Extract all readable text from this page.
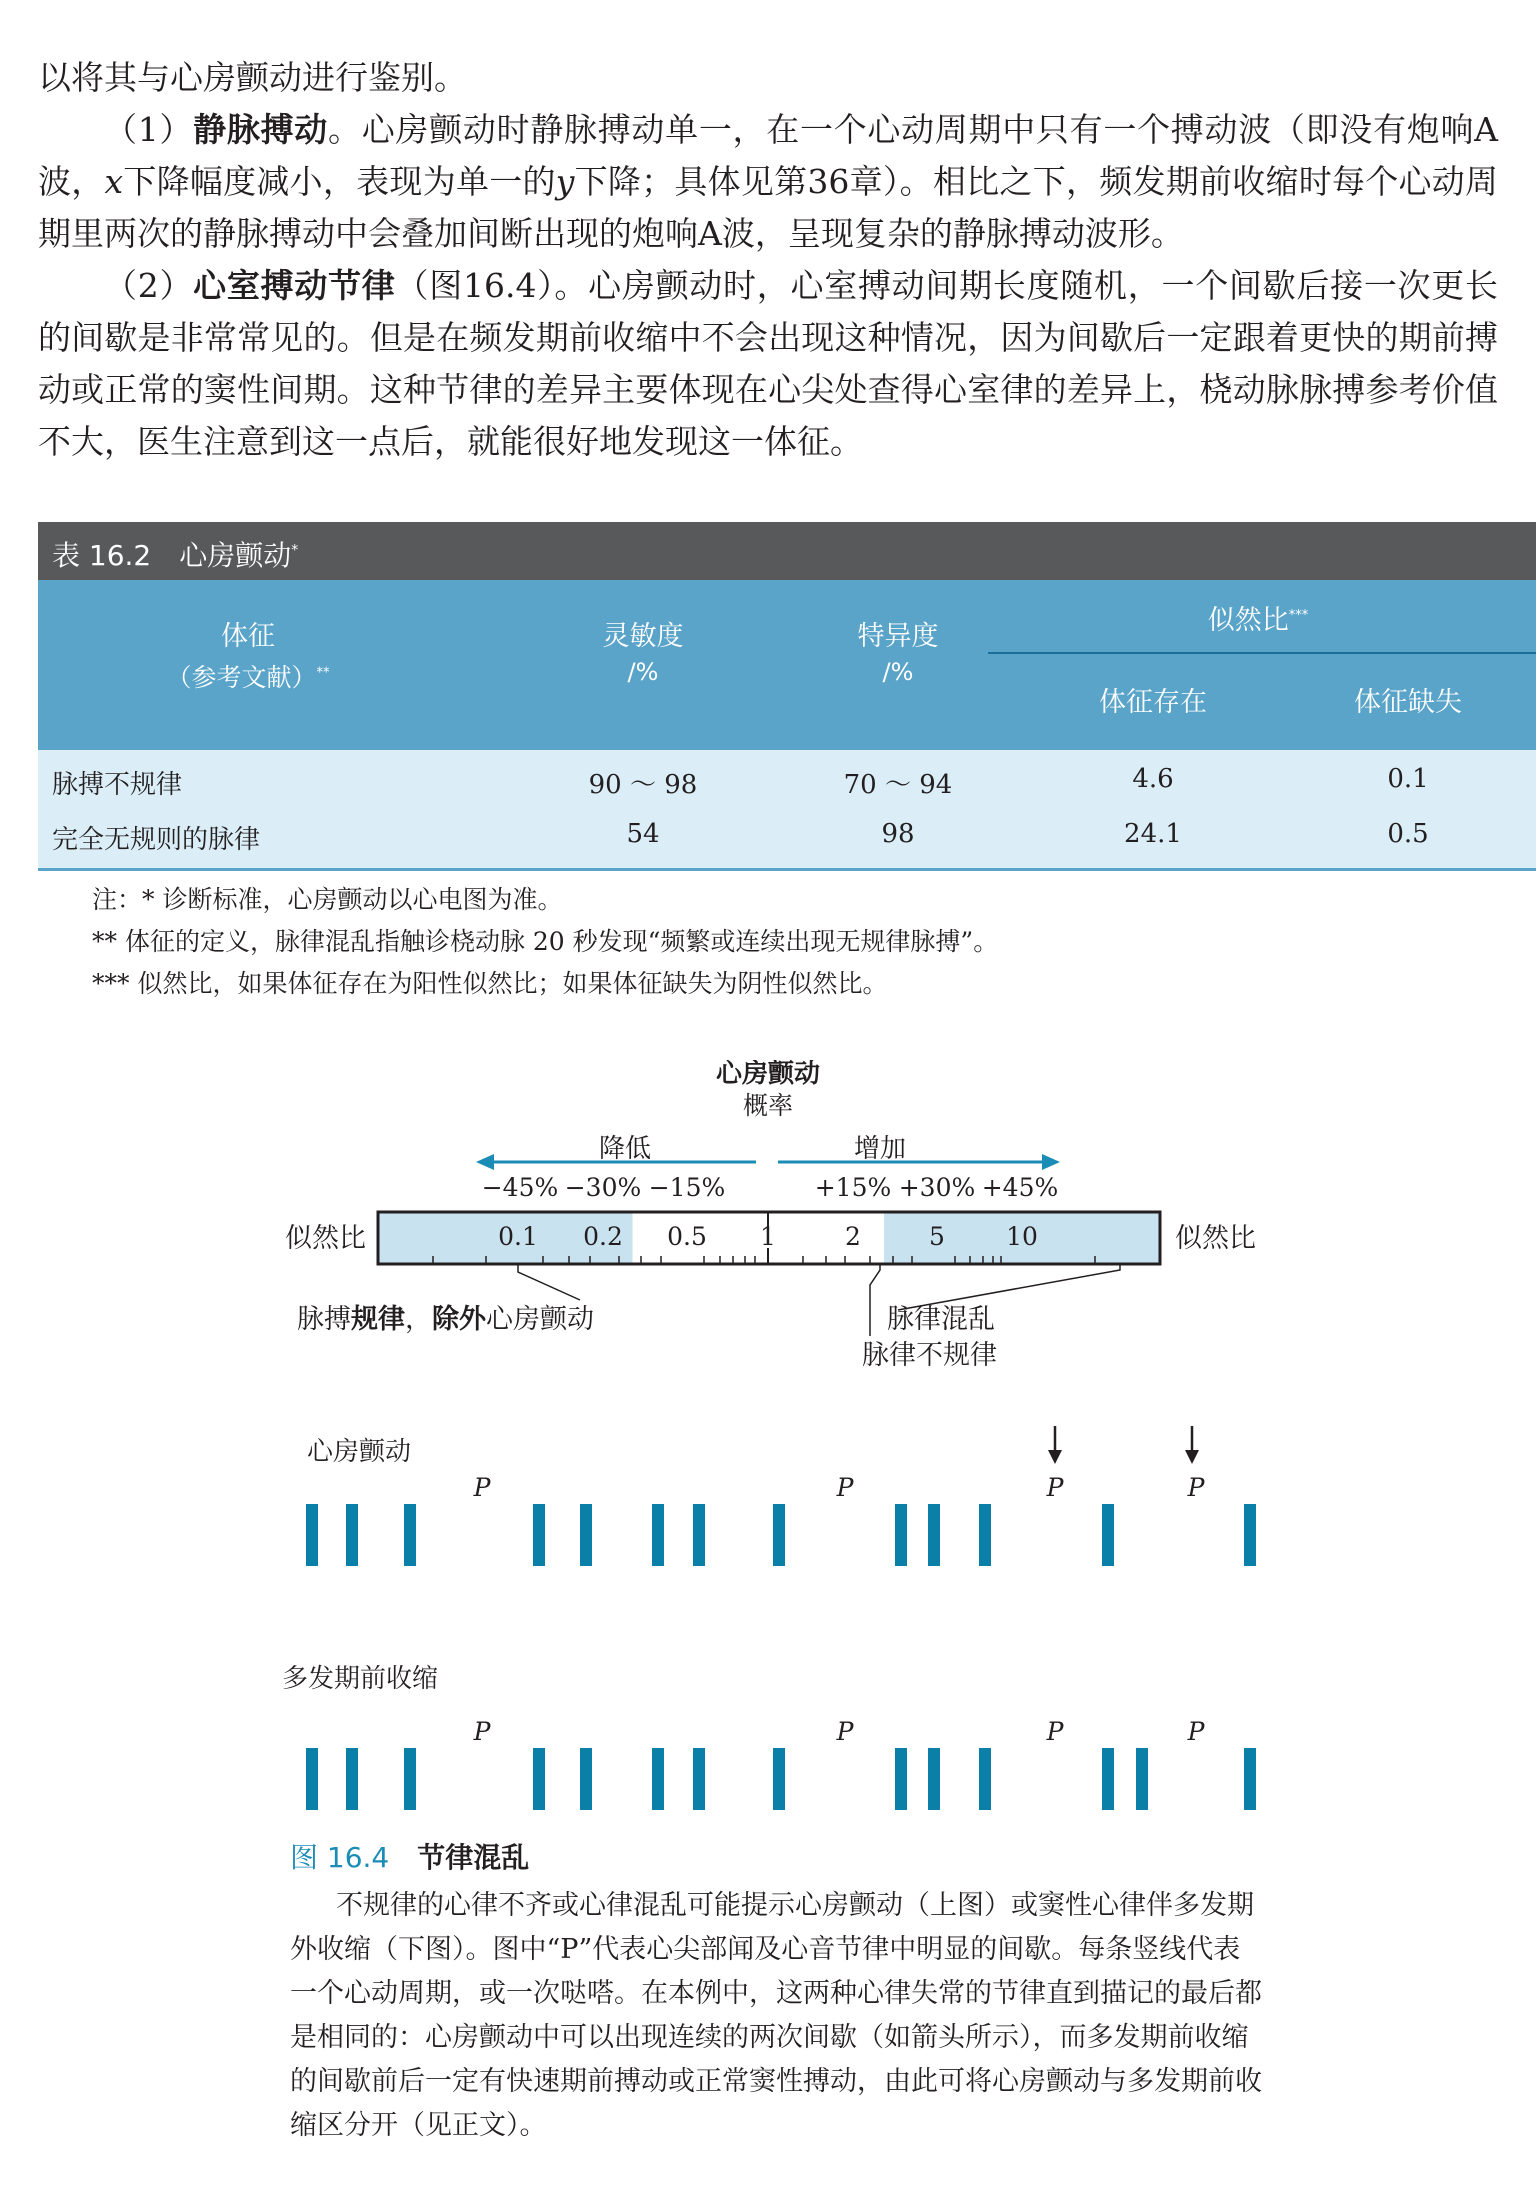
以将其与心房颤动进行鉴别。

（1）静脉搏动。心房颤动时静脉搏动单一，在一个心动周期中只有一个搏动波（即没有炮响A波，x下降幅度减小，表现为单一的y下降；具体见第36章）。相比之下，频发期前收缩时每个心动周期里两次的静脉搏动中会叠加间断出现的炮响A波，呈现复杂的静脉搏动波形。

（2）心室搏动节律（图16.4）。心房颤动时，心室搏动间期长度随机，一个间歇后接一次更长的间歇是非常常见的。但是在频发期前收缩中不会出现这种情况，因为间歇后一定跟着更快的期前搏动或正常的窦性间期。这种节律的差异主要体现在心尖处查得心室律的差异上，桡动脉脉搏参考价值不大，医生注意到这一点后，就能很好地发现这一体征。

表 16.2　心房颤动*
体征
（参考文献）**
灵敏度
/%
特异度
/%
似然比***
体征存在	体征缺失
脉搏不规律	90 ～ 98	70 ～ 94	4.6	0.1
完全无规则的脉律	54	98	24.1	0.5
注：* 诊断标准，心房颤动以心电图为准。
** 体征的定义，脉律混乱指触诊桡动脉 20 秒发现“频繁或连续出现无规律脉搏”。
*** 似然比，如果体征存在为阳性似然比；如果体征缺失为阴性似然比。
心房颤动
概率
降低	增加
−45% −30% −15%	+15% +30% +45%
0.1 0.2 0.5 1	2	5 10
似然比	似然比
脉搏规律，除外心房颤动	脉律混乱
脉律不规律
心房颤动
P	P	P	P
多发期前收缩
P	P	P	P
图 16.4 节律混乱
不规律的心律不齐或心律混乱可能提示心房颤动（上图）或窦性心律伴多发期
外收缩（下图）。图中“P”代表心尖部闻及心音节律中明显的间歇。每条竖线代表
一个心动周期，或一次哒嗒。在本例中，这两种心律失常的节律直到描记的最后都
是相同的：心房颤动中可以出现连续的两次间歇（如箭头所示），而多发期前收缩
的间歇前后一定有快速期前搏动或正常窦性搏动，由此可将心房颤动与多发期前收
缩区分开（见正文）。
